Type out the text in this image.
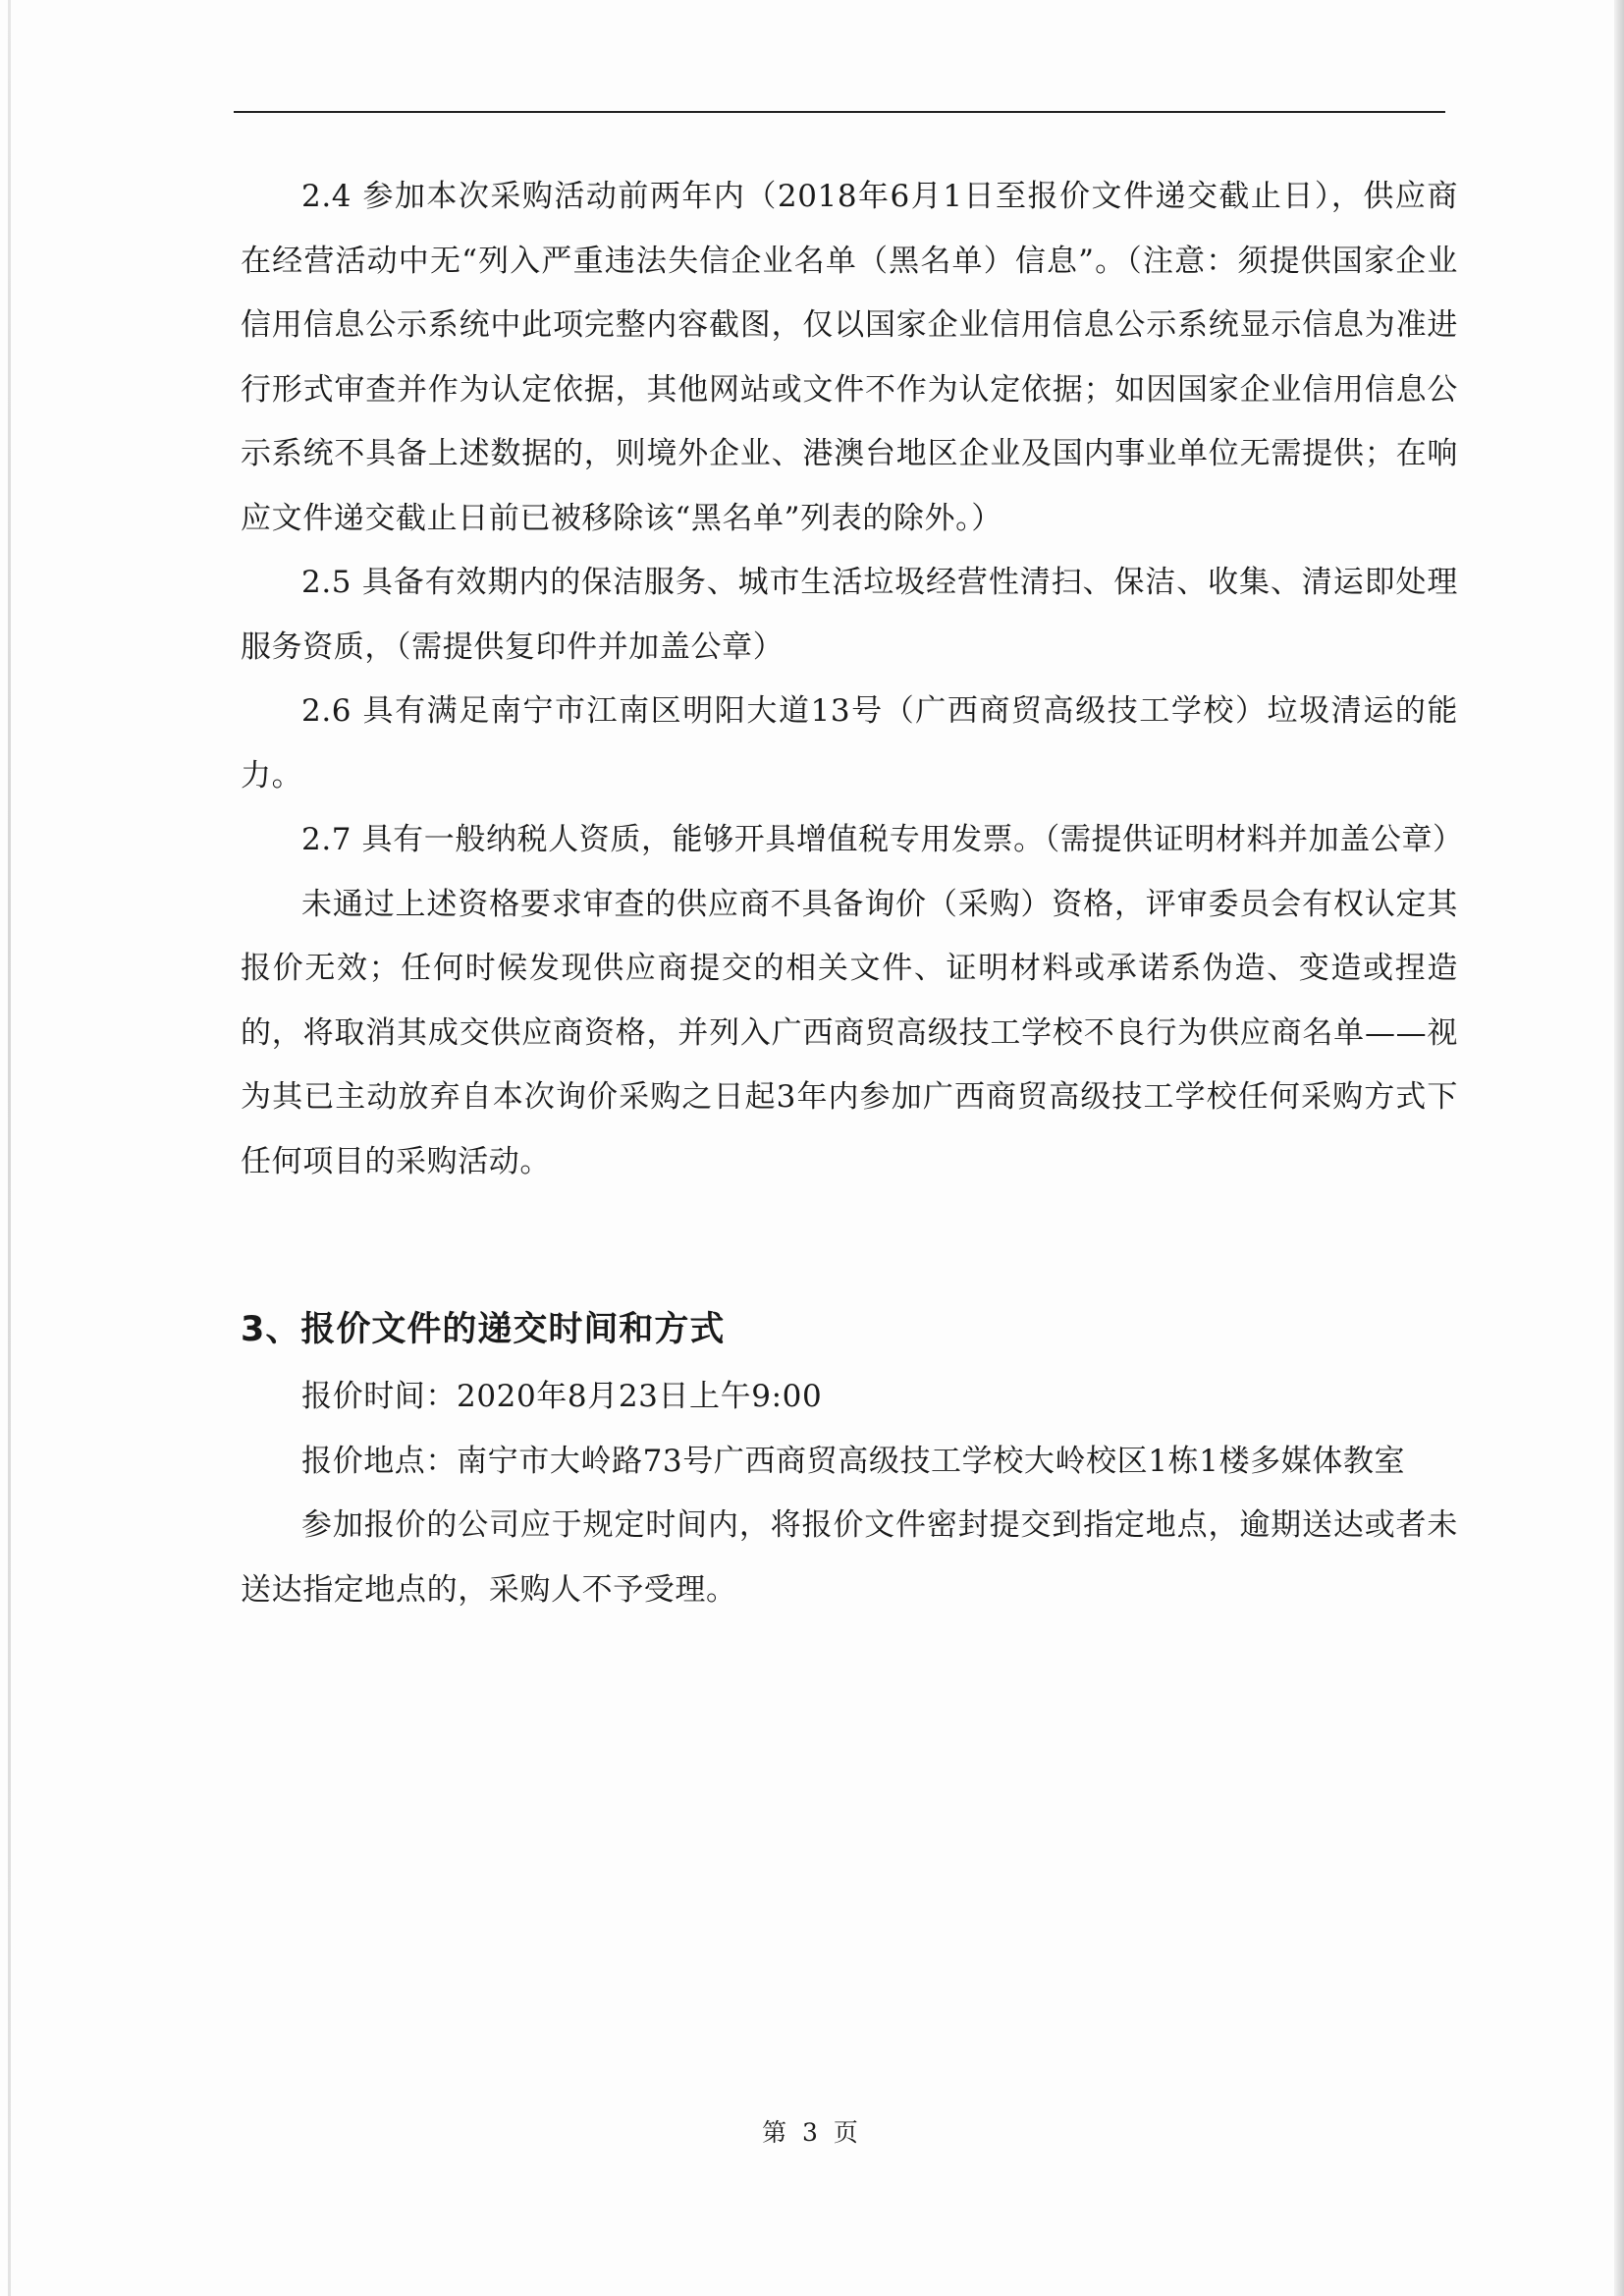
2.4 参加本次采购活动前两年内（2018年6月1日至报价文件递交截止日），供应商在经营活动中无“列入严重违法失信企业名单（黑名单）信息”。（注意：须提供国家企业信用信息公示系统中此项完整内容截图，仅以国家企业信用信息公示系统显示信息为准进行形式审查并作为认定依据，其他网站或文件不作为认定依据；如因国家企业信用信息公示系统不具备上述数据的，则境外企业、港澳台地区企业及国内事业单位无需提供；在响应文件递交截止日前已被移除该“黑名单”列表的除外。）

2.5 具备有效期内的保洁服务、城市生活垃圾经营性清扫、保洁、收集、清运即处理服务资质，（需提供复印件并加盖公章）

2.6 具有满足南宁市江南区明阳大道13号（广西商贸高级技工学校）垃圾清运的能力。

2.7 具有一般纳税人资质，能够开具增值税专用发票。（需提供证明材料并加盖公章）

未通过上述资格要求审查的供应商不具备询价（采购）资格，评审委员会有权认定其报价无效；任何时候发现供应商提交的相关文件、证明材料或承诺系伪造、变造或捏造的，将取消其成交供应商资格，并列入广西商贸高级技工学校不良行为供应商名单——视为其已主动放弃自本次询价采购之日起3年内参加广西商贸高级技工学校任何采购方式下任何项目的采购活动。

3、报价文件的递交时间和方式

报价时间：2020年8月23日上午9:00

报价地点：南宁市大岭路73号广西商贸高级技工学校大岭校区1栋1楼多媒体教室

参加报价的公司应于规定时间内，将报价文件密封提交到指定地点，逾期送达或者未送达指定地点的，采购人不予受理。

第 3 页
